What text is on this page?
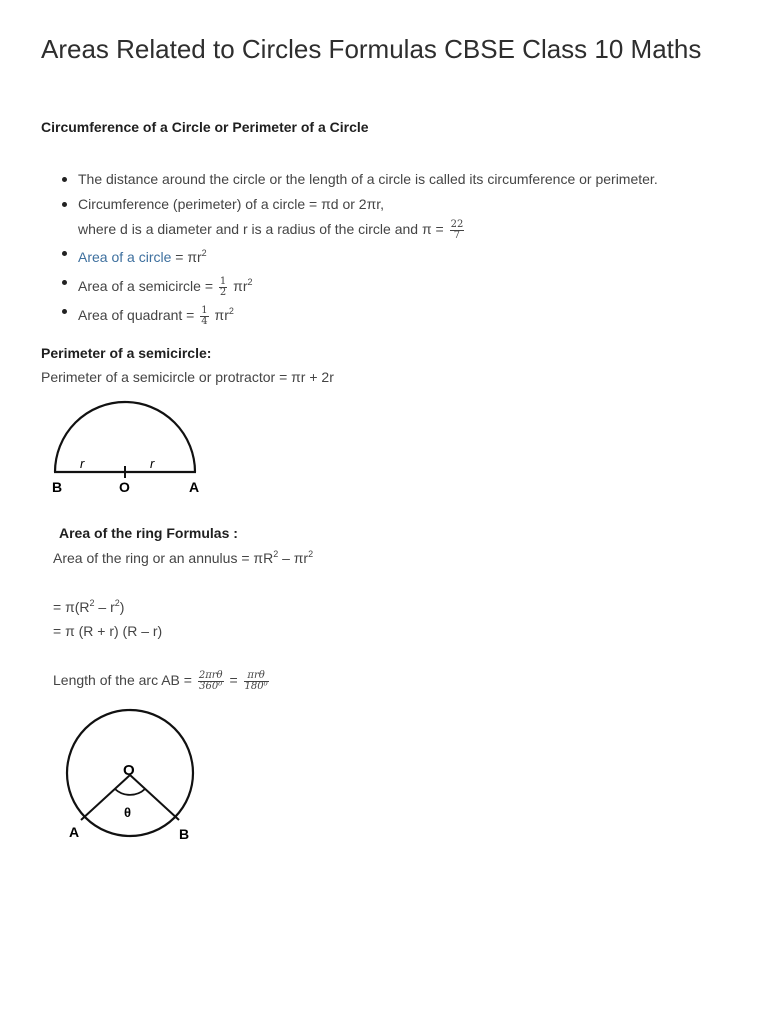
Areas Related to Circles Formulas CBSE Class 10 Maths
Circumference of a Circle or Perimeter of a Circle
The distance around the circle or the length of a circle is called its circumference or perimeter.
Circumference (perimeter) of a circle = πd or 2πr,
where d is a diameter and r is a radius of the circle and $\pi = \frac{22}{7}$
Area of a circle = $\pi r^2$
Area of a semicircle = $\frac{1}{2} \pi r^2$
Area of quadrant = $\frac{1}{4} \pi r^2$
Perimeter of a semicircle:
Perimeter of a semicircle or protractor = πr + 2r
r	r
B	O	A
Area of the ring Formulas :
Area of the ring or an annulus = $\pi R^2 - \pi r^2$
= $\pi(R^2 - r^2)$
= π (R + r) (R – r)
Length of the arc AB = $\frac{\text{2πrθ}}{\text{360⁰}} = \frac{\text{πrθ}}{\text{180⁰}}$
O
θ
A	B
